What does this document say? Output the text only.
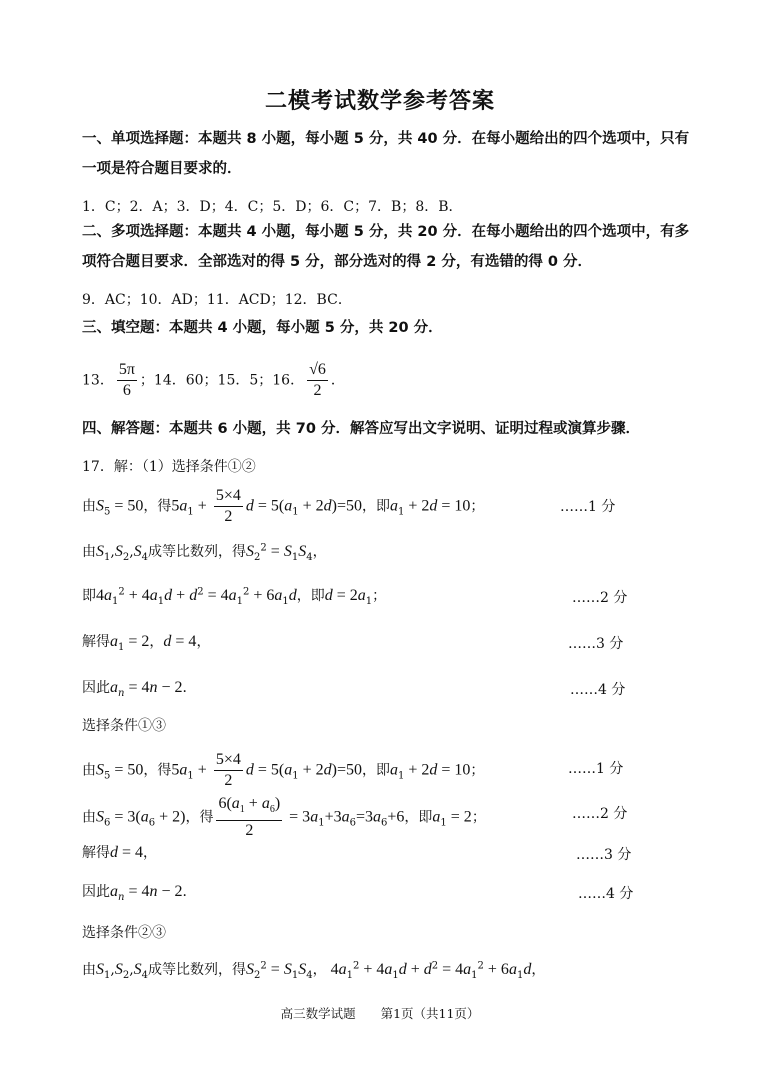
二模考试数学参考答案
一、单项选择题：本题共 8 小题，每小题 5 分，共 40 分．在每小题给出的四个选项中，只有一项是符合题目要求的．
1．C；2．A；3．D；4．C；5．D；6．C；7．B；8．B．
二、多项选择题：本题共 4 小题，每小题 5 分，共 20 分．在每小题给出的四个选项中，有多项符合题目要求．全部选对的得 5 分，部分选对的得 2 分，有选错的得 0 分．
9．AC；10．AD；11．ACD；12．BC．
三、填空题：本题共 4 小题，每小题 5 分，共 20 分．
13． $\frac{5\pi}{6}$ ；14．60；15．5；16． $\frac{√6}{2}$ ．
四、解答题：本题共 6 小题，共 70 分．解答应写出文字说明、证明过程或演算步骤．
17．解：（1）选择条件①②
由$S_5 = 50$，得$5a_1 + \frac{5\times 4}{2}$ $d = 5(a_1 + 2d)=50$，即$a_1 + 2d = 10$；	……1 分
由$S_1,S_2,S_4$成等比数列，得$S_2^2 = S_1S_4$，
即$4a_1^2 + 4a_1d + d^2 = 4a_1^2 + 6a_1d$，即$d = 2a_1$；	……2 分
解得$a_1 = 2$，d = 4，	……3 分
因此$a_n = 4n - 2$．	……4 分
选择条件①③
由$S_5 = 50$，得$5a_1 + \frac{5\times 4}{2}$ $d = 5(a_1 + 2d)=50$，即$a_1 + 2d = 10$；	……1 分
由$S_6 = 3(a_6 + 2)$，得 $\frac{6(a_1 + a_6)}{2} = 3a_1+3a_6=3a_6+6$，即$a_1 = 2$；	……2 分
解得d = 4，	……3 分
因此$a_n = 4n - 2$．	……4 分
选择条件②③
由$S_1,S_2,S_4$成等比数列，得$S_2^2 = S_1S_4$， $4a_1^2 + 4a_1d + d^2 = 4a_1^2 + 6a_1d$，
高三数学试题　　第1页（共11页）
